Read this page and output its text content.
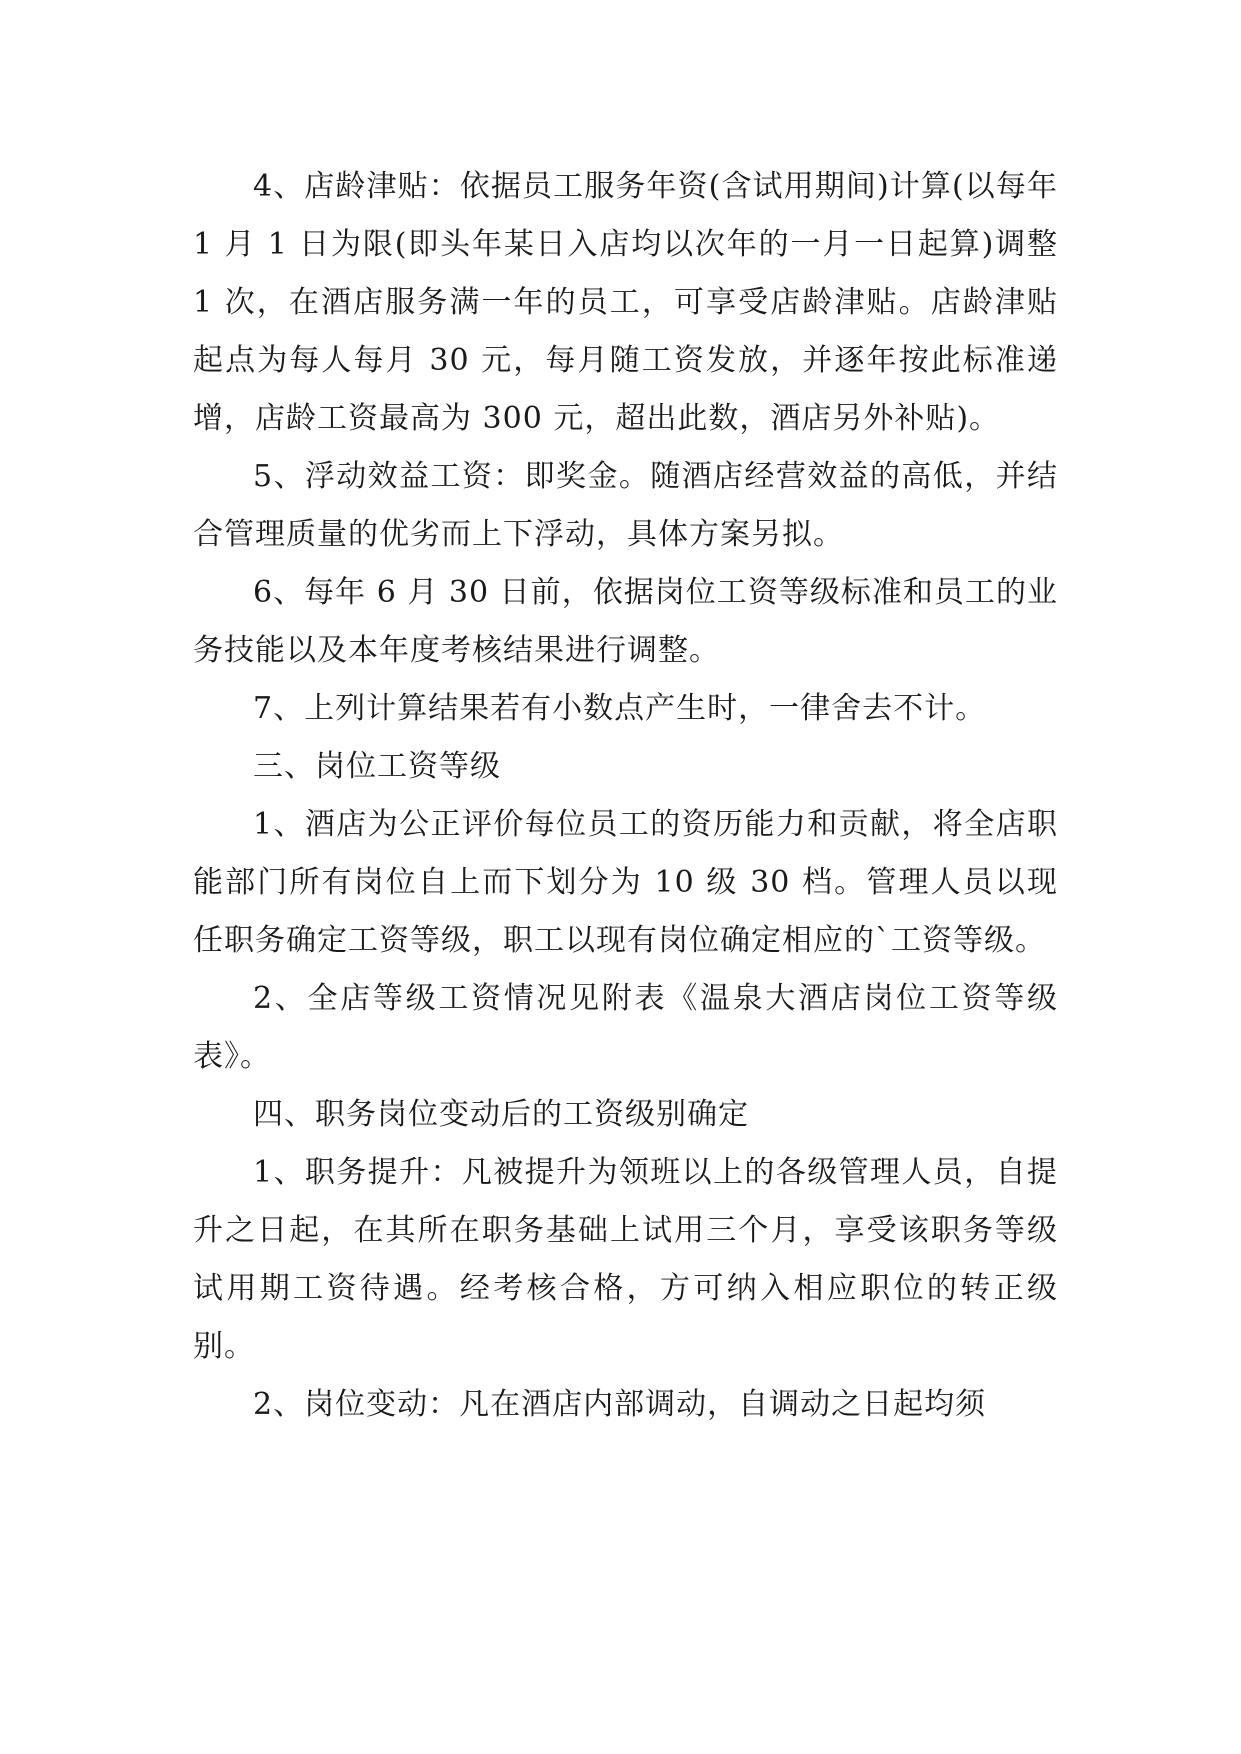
4、店龄津贴：依据员工服务年资(含试用期间)计算(以每年 1 月 1 日为限(即头年某日入店均以次年的一月一日起算)调整 1 次，在酒店服务满一年的员工，可享受店龄津贴。店龄津贴起点为每人每月 30 元，每月随工资发放，并逐年按此标准递增，店龄工资最高为 300 元，超出此数，酒店另外补贴)。

5、浮动效益工资：即奖金。随酒店经营效益的高低，并结合管理质量的优劣而上下浮动，具体方案另拟。

6、每年 6 月 30 日前，依据岗位工资等级标准和员工的业务技能以及本年度考核结果进行调整。

7、上列计算结果若有小数点产生时，一律舍去不计。

三、岗位工资等级

1、酒店为公正评价每位员工的资历能力和贡献，将全店职能部门所有岗位自上而下划分为 10 级 30 档。管理人员以现任职务确定工资等级，职工以现有岗位确定相应的`工资等级。

2、全店等级工资情况见附表《温泉大酒店岗位工资等级表》。

四、职务岗位变动后的工资级别确定

1、职务提升：凡被提升为领班以上的各级管理人员，自提升之日起，在其所在职务基础上试用三个月，享受该职务等级试用期工资待遇。经考核合格，方可纳入相应职位的转正级别。

2、岗位变动：凡在酒店内部调动，自调动之日起均须
